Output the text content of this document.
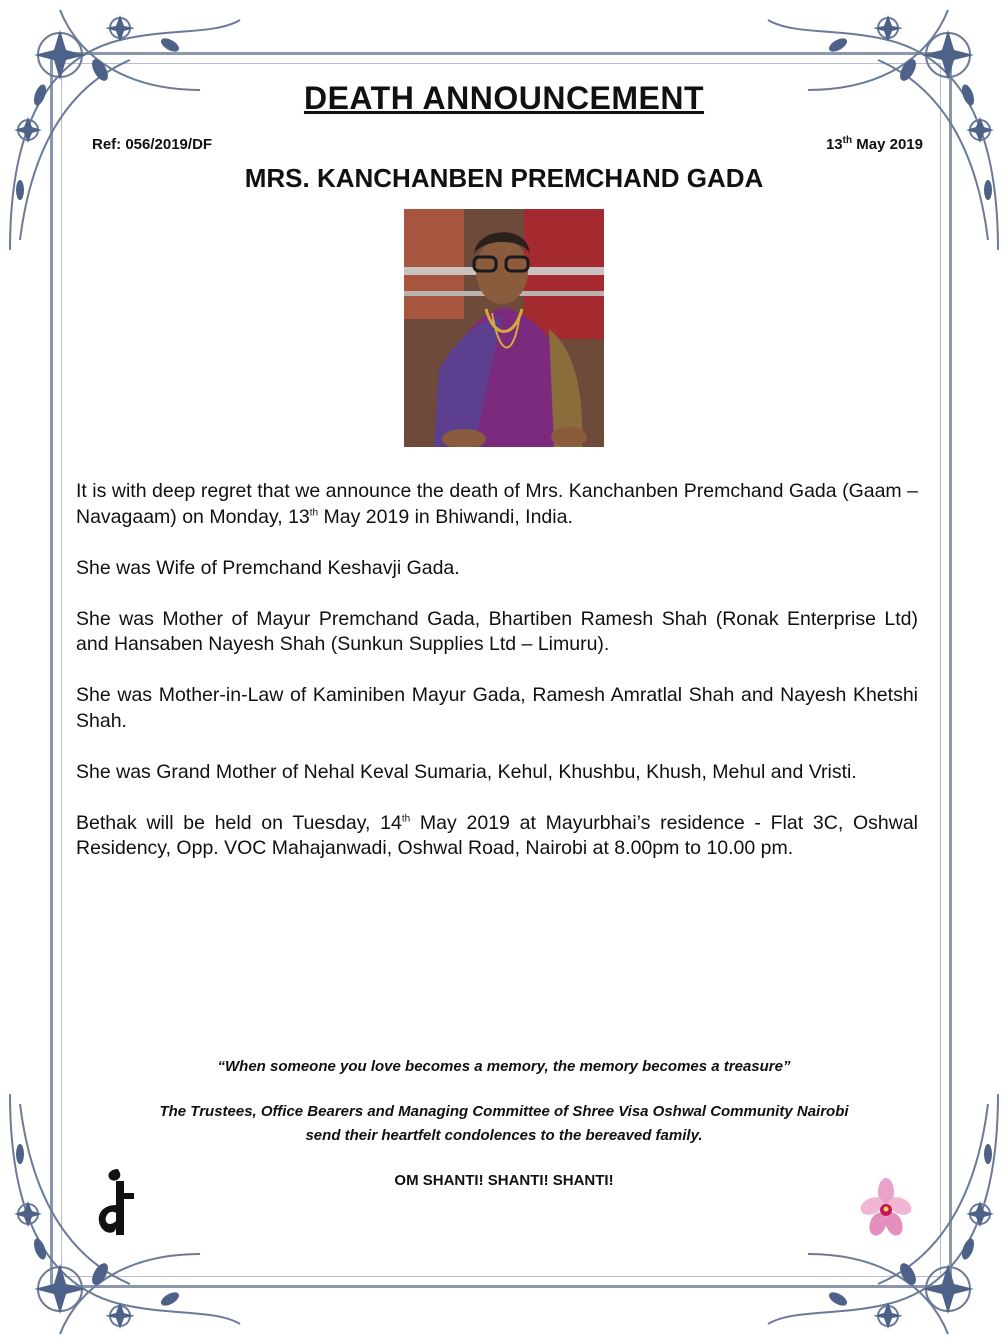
DEATH ANNOUNCEMENT
Ref: 056/2019/DF	13th May 2019
MRS. KANCHANBEN PREMCHAND GADA

It is with deep regret that we announce the death of Mrs. Kanchanben Premchand Gada (Gaam – Navagaam) on Monday, 13th May 2019 in Bhiwandi, India.

She was Wife of Premchand Keshavji Gada.

She was Mother of Mayur Premchand Gada, Bhartiben Ramesh Shah (Ronak Enterprise Ltd) and Hansaben Nayesh Shah (Sunkun Supplies Ltd – Limuru).

She was Mother-in-Law of Kaminiben Mayur Gada, Ramesh Amratlal Shah and Nayesh Khetshi Shah.

She was Grand Mother of Nehal Keval Sumaria, Kehul, Khushbu, Khush, Mehul and Vristi.

Bethak will be held on Tuesday, 14th May 2019 at Mayurbhai’s residence - Flat 3C, Oshwal Residency, Opp. VOC Mahajanwadi, Oshwal Road, Nairobi at 8.00pm to 10.00 pm.

“When someone you love becomes a memory, the memory becomes a treasure”
The Trustees, Office Bearers and Managing Committee of Shree Visa Oshwal Community Nairobi
send their heartfelt condolences to the bereaved family.
OM SHANTI! SHANTI! SHANTI!
